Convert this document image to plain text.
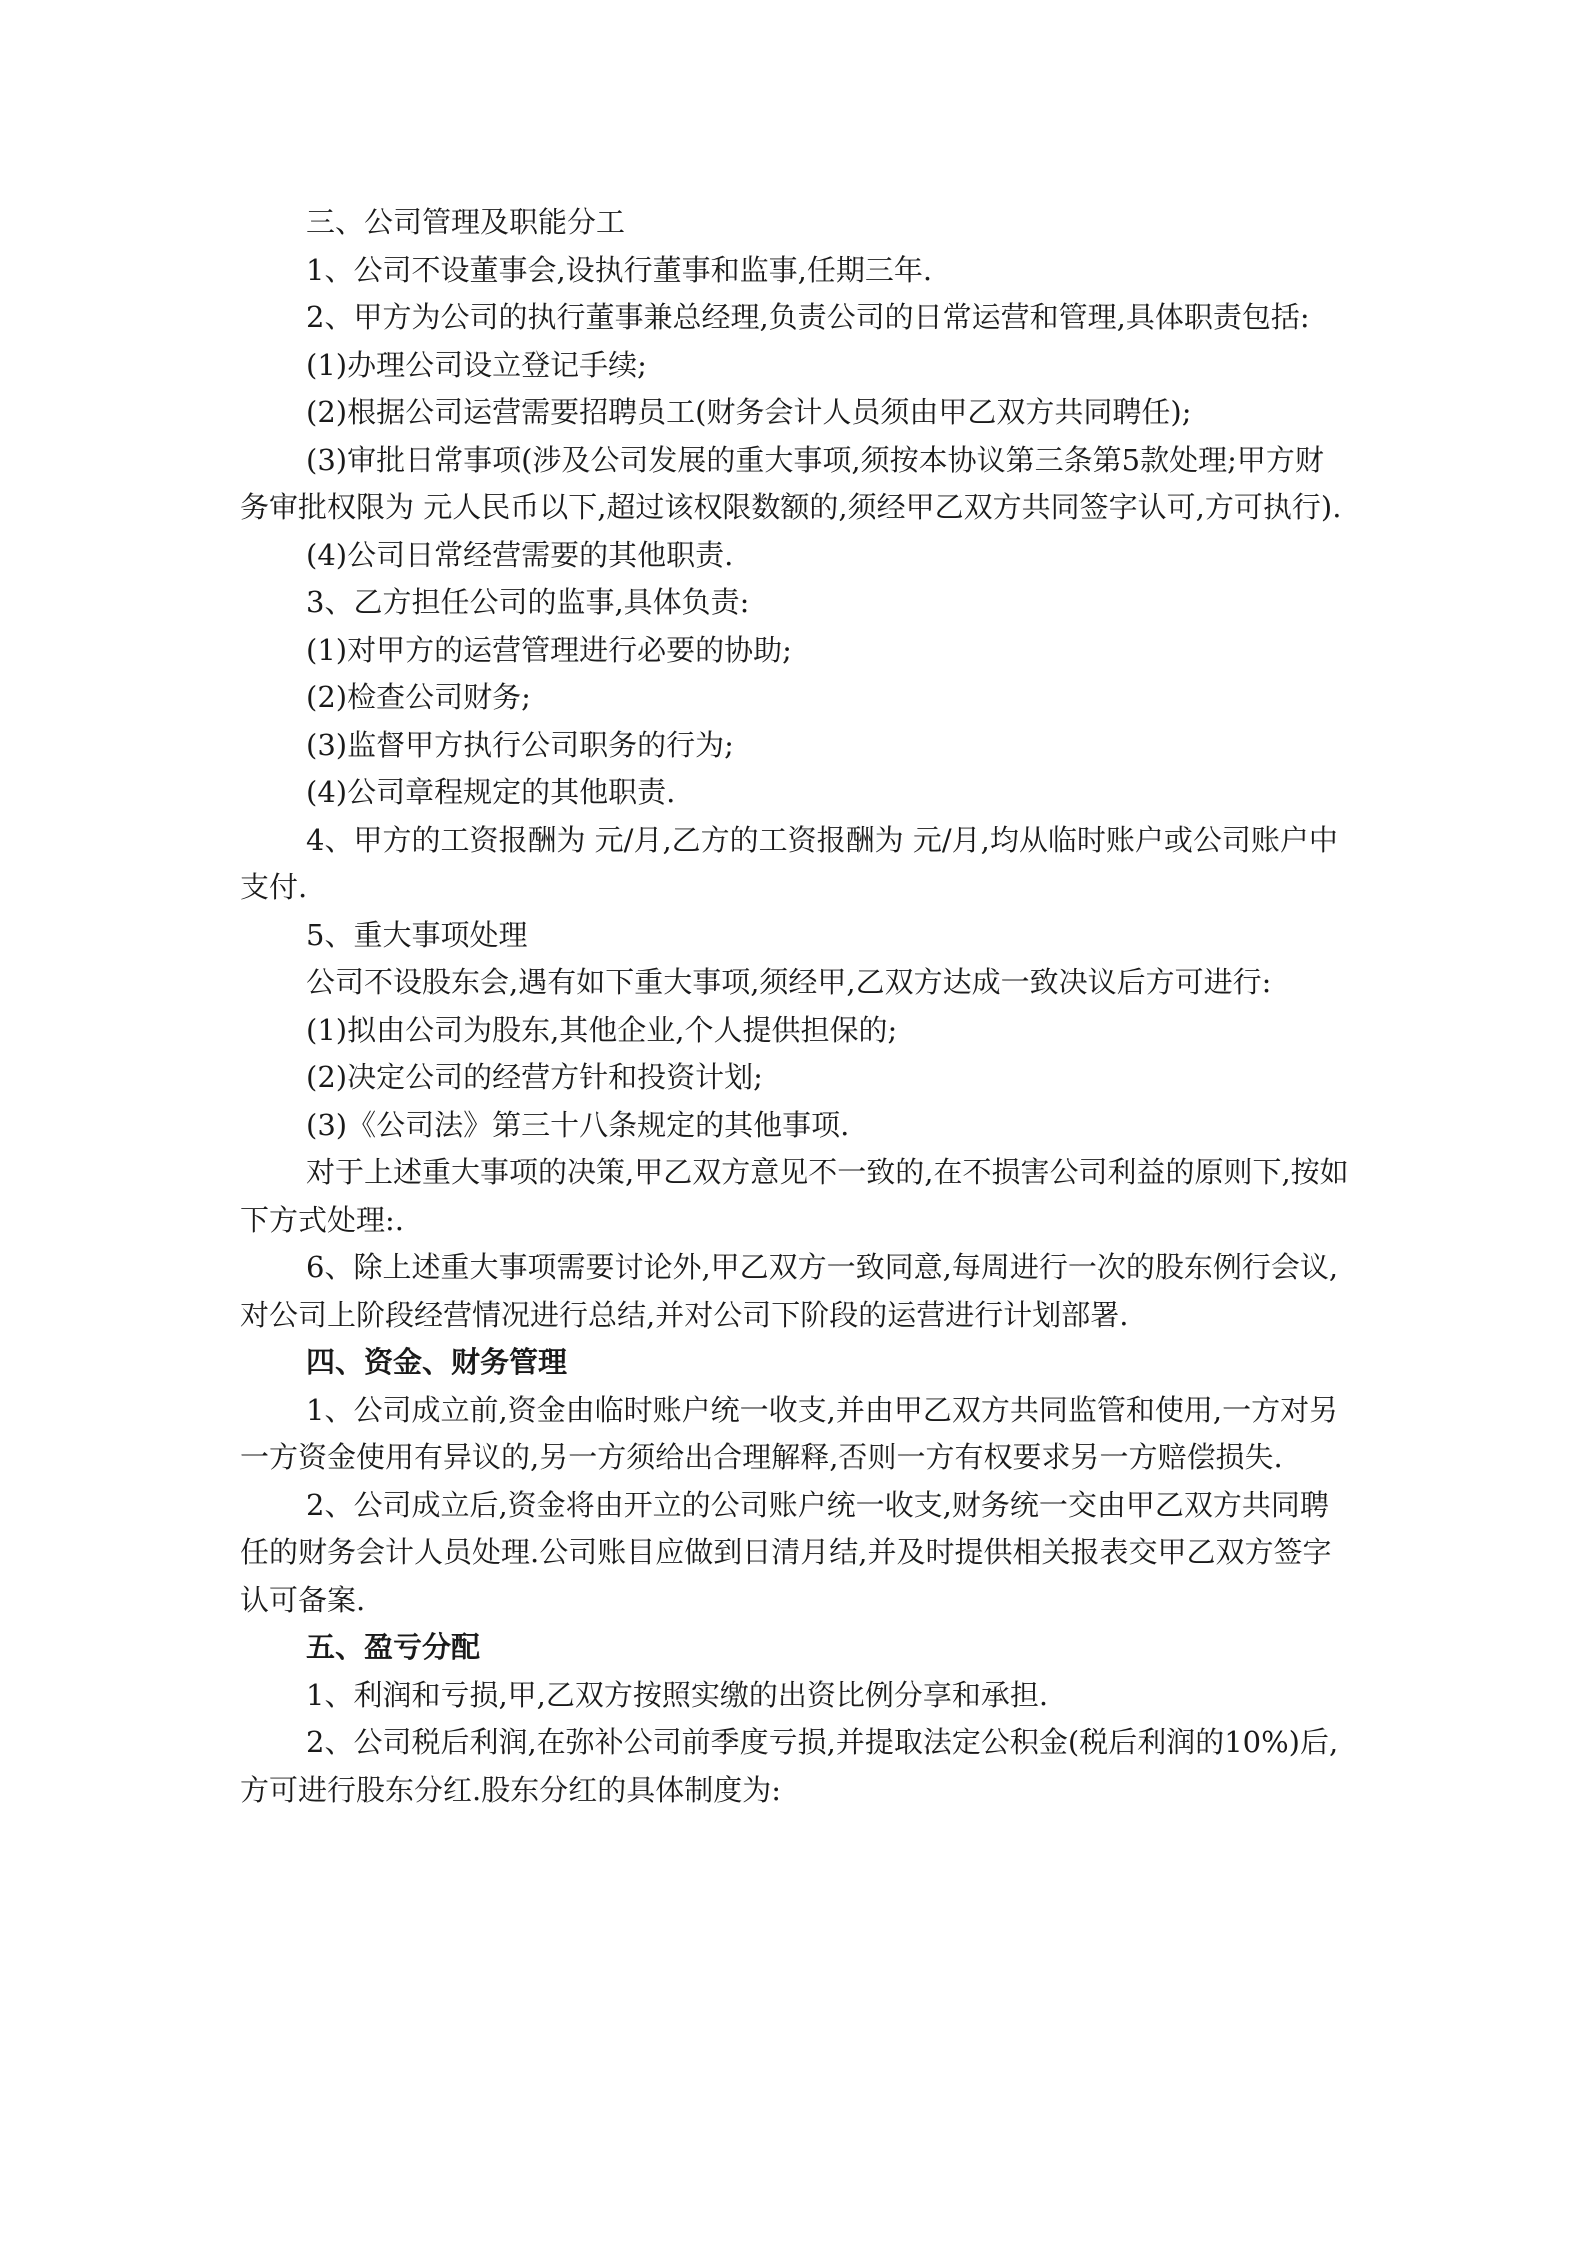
三、公司管理及职能分工

1、公司不设董事会,设执行董事和监事,任期三年.

2、甲方为公司的执行董事兼总经理,负责公司的日常运营和管理,具体职责包括:

(1)办理公司设立登记手续;

(2)根据公司运营需要招聘员工(财务会计人员须由甲乙双方共同聘任);

(3)审批日常事项(涉及公司发展的重大事项,须按本协议第三条第5款处理;甲方财务审批权限为 元人民币以下,超过该权限数额的,须经甲乙双方共同签字认可,方可执行).

(4)公司日常经营需要的其他职责.

3、乙方担任公司的监事,具体负责:

(1)对甲方的运营管理进行必要的协助;

(2)检查公司财务;

(3)监督甲方执行公司职务的行为;

(4)公司章程规定的其他职责.

4、甲方的工资报酬为 元/月,乙方的工资报酬为 元/月,均从临时账户或公司账户中支付.

5、重大事项处理

公司不设股东会,遇有如下重大事项,须经甲,乙双方达成一致决议后方可进行:

(1)拟由公司为股东,其他企业,个人提供担保的;

(2)决定公司的经营方针和投资计划;

(3)《公司法》第三十八条规定的其他事项.

对于上述重大事项的决策,甲乙双方意见不一致的,在不损害公司利益的原则下,按如下方式处理:.

6、除上述重大事项需要讨论外,甲乙双方一致同意,每周进行一次的股东例行会议,对公司上阶段经营情况进行总结,并对公司下阶段的运营进行计划部署.

四、资金、财务管理

1、公司成立前,资金由临时账户统一收支,并由甲乙双方共同监管和使用,一方对另一方资金使用有异议的,另一方须给出合理解释,否则一方有权要求另一方赔偿损失.

2、公司成立后,资金将由开立的公司账户统一收支,财务统一交由甲乙双方共同聘任的财务会计人员处理.公司账目应做到日清月结,并及时提供相关报表交甲乙双方签字认可备案.

五、盈亏分配

1、利润和亏损,甲,乙双方按照实缴的出资比例分享和承担.

2、公司税后利润,在弥补公司前季度亏损,并提取法定公积金(税后利润的10%)后,方可进行股东分红.股东分红的具体制度为:
